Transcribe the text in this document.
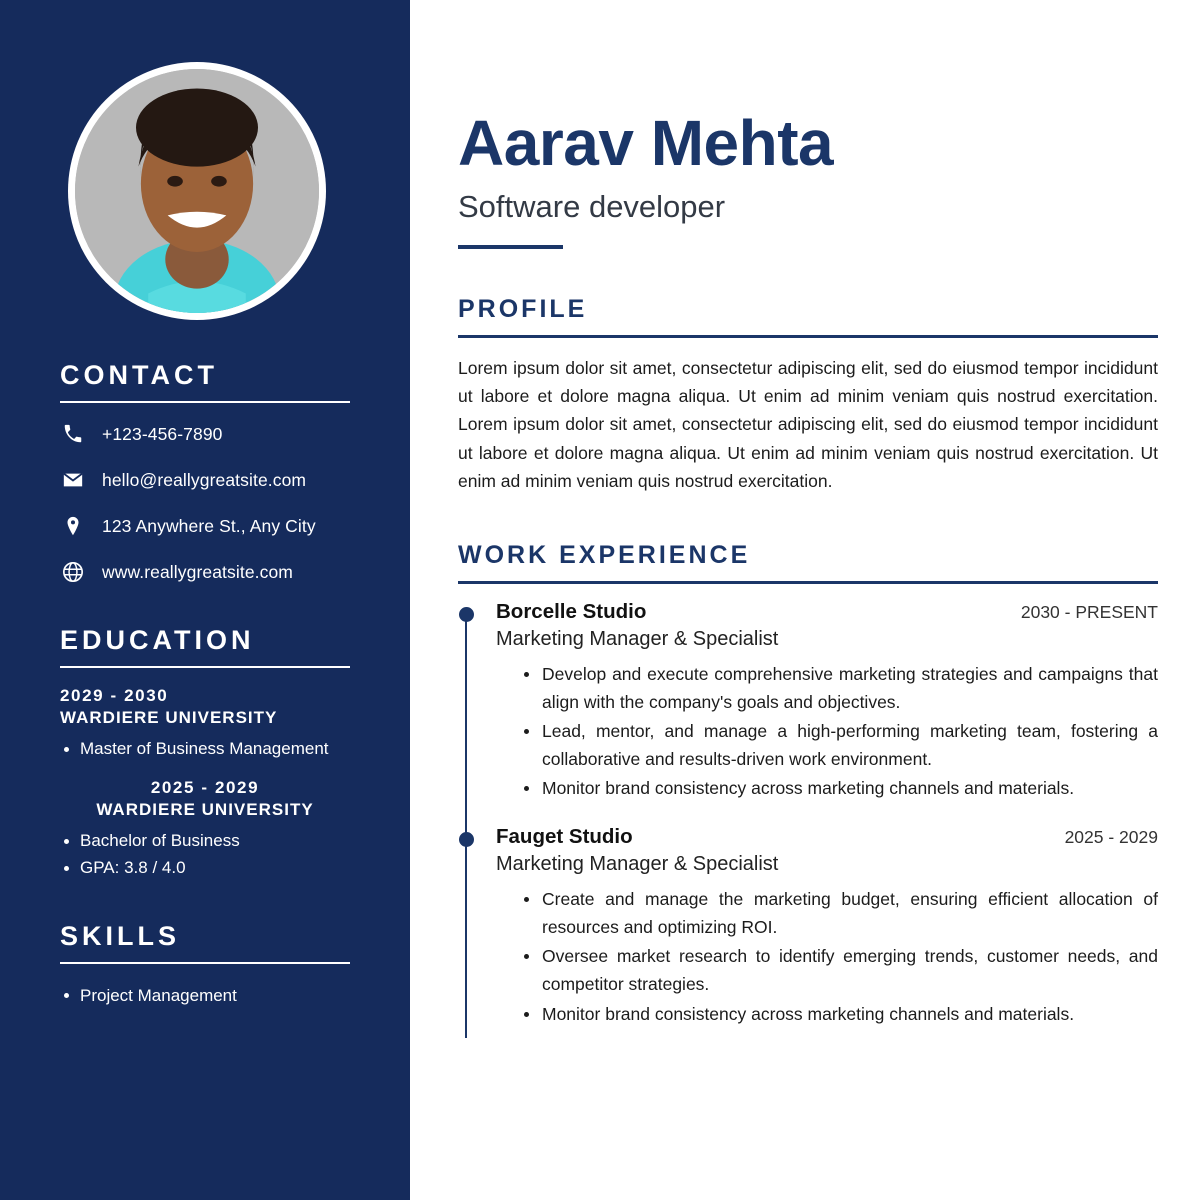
CONTACT
+123-456-7890
hello@reallygreatsite.com
123 Anywhere St., Any City
www.reallygreatsite.com
EDUCATION
2029 - 2030
WARDIERE UNIVERSITY
Master of Business Management
2025 - 2029
WARDIERE UNIVERSITY
Bachelor of Business
GPA: 3.8 / 4.0
SKILLS
Project Management
Aarav Mehta
Software developer
PROFILE

Lorem ipsum dolor sit amet, consectetur adipiscing elit, sed do eiusmod tempor incididunt ut labore et dolore magna aliqua. Ut enim ad minim veniam quis nostrud exercitation. Lorem ipsum dolor sit amet, consectetur adipiscing elit, sed do eiusmod tempor incididunt ut labore et dolore magna aliqua. Ut enim ad minim veniam quis nostrud exercitation. Ut enim ad minim veniam quis nostrud exercitation.

WORK EXPERIENCE
Borcelle Studio	2030 - PRESENT
Marketing Manager & Specialist
Develop and execute comprehensive marketing strategies and campaigns that align with the company's goals and objectives.
Lead, mentor, and manage a high-performing marketing team, fostering a collaborative and results-driven work environment.
Monitor brand consistency across marketing channels and materials.
Fauget Studio	2025 - 2029
Marketing Manager & Specialist
Create and manage the marketing budget, ensuring efficient allocation of resources and optimizing ROI.
Oversee market research to identify emerging trends, customer needs, and competitor strategies.
Monitor brand consistency across marketing channels and materials.
